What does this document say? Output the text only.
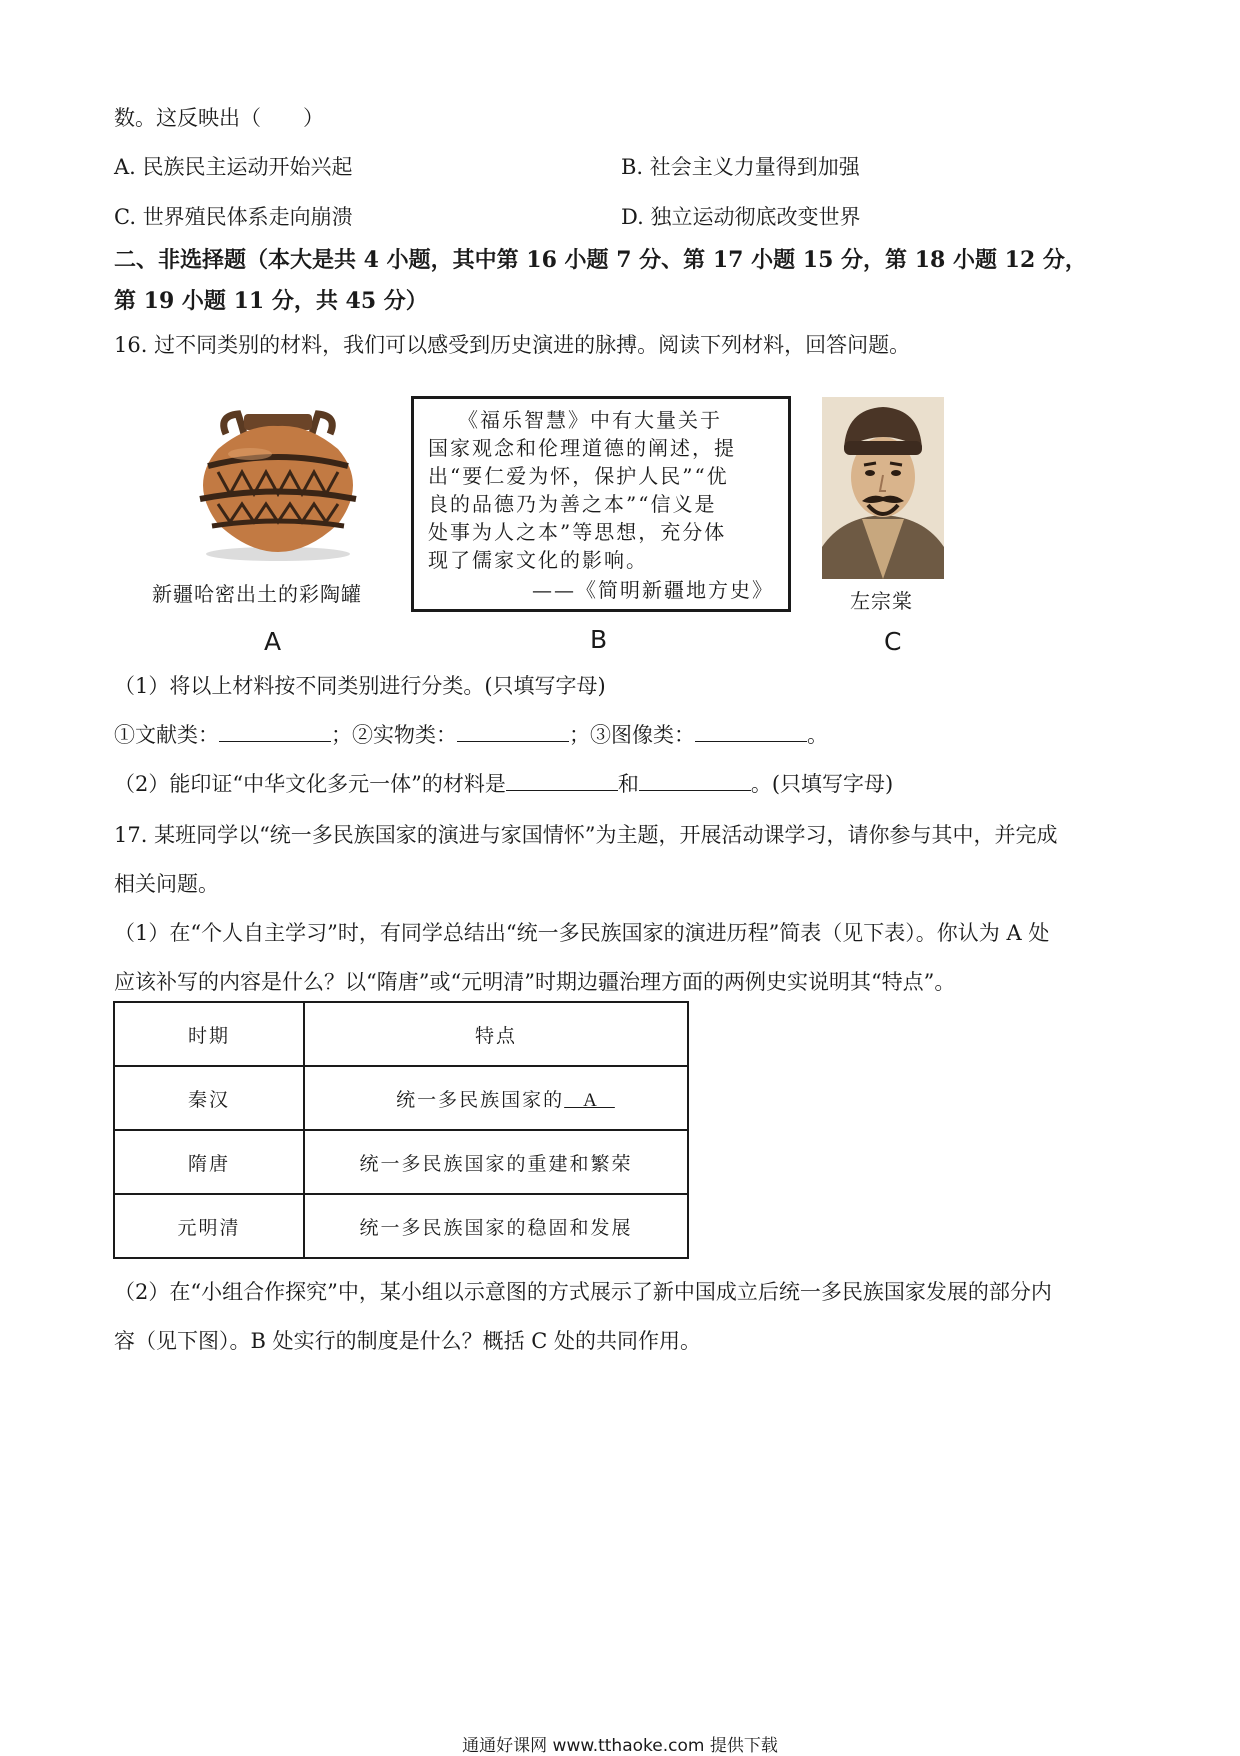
数。这反映出（　　）
A. 民族民主运动开始兴起	B. 社会主义力量得到加强
C. 世界殖民体系走向崩溃	D. 独立运动彻底改变世界
二、非选择题（本大是共 4 小题，其中第 16 小题 7 分、第 17 小题 15 分，第 18 小题 12 分，
第 19 小题 11 分，共 45 分）
16. 过不同类别的材料，我们可以感受到历史演进的脉搏。阅读下列材料，回答问题。
新疆哈密出土的彩陶罐
A
《福乐智慧》中有大量关于
国家观念和伦理道德的阐述，提
出“要仁爱为怀，保护人民”“优
良的品德乃为善之本”“信义是
处事为人之本”等思想，充分体
现了儒家文化的影响。
——《简明新疆地方史》
B
左宗棠
C
（1）将以上材料按不同类别进行分类。(只填写字母)
①文献类：	；②实物类：	；③图像类：	。
（2）能印证“中华文化多元一体”的材料是	和	。(只填写字母)
17. 某班同学以“统一多民族国家的演进与家国情怀”为主题，开展活动课学习，请你参与其中，并完成
相关问题。
（1）在“个人自主学习”时，有同学总结出“统一多民族国家的演进历程”简表（见下表）。你认为 A 处
应该补写的内容是什么？以“隋唐”或“元明清”时期边疆治理方面的两例史实说明其“特点”。
时期	特点
秦汉	统一多民族国家的　A　
隋唐	统一多民族国家的重建和繁荣
元明清	统一多民族国家的稳固和发展
（2）在“小组合作探究”中，某小组以示意图的方式展示了新中国成立后统一多民族国家发展的部分内
容（见下图）。B 处实行的制度是什么？概括 C 处的共同作用。
通通好课网 www.tthaoke.com 提供下载
